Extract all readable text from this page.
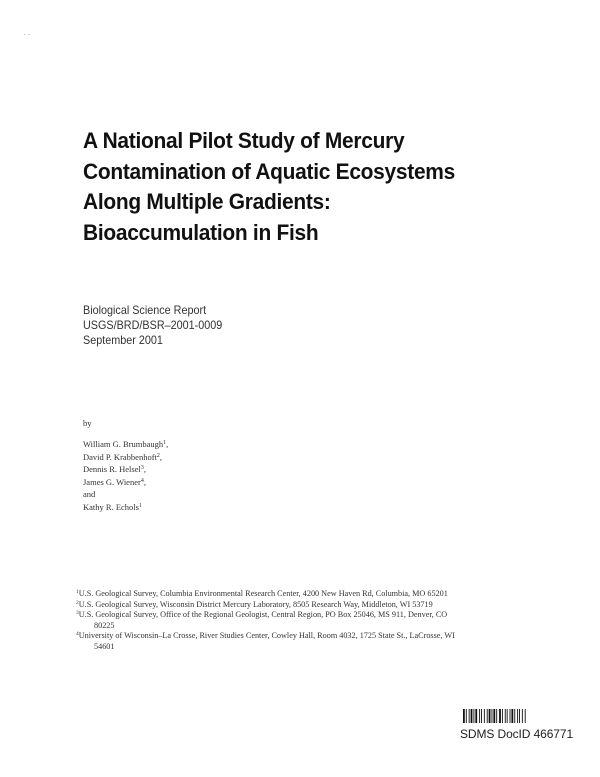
. .
A National Pilot Study of Mercury
Contamination of Aquatic Ecosystems
Along Multiple Gradients:
Bioaccumulation in Fish
Biological Science Report
USGS/BRD/BSR–2001-0009
September 2001
by
William G. Brumbaugh$^1$,
David P. Krabbenhoft$^2$,
Dennis R. Helsel$^3$,
James G. Wiener$^4$,
and
Kathy R. Echols$^1$
$^1$U.S. Geological Survey, Columbia Environmental Research Center, 4200 New Haven Rd, Columbia, MO 65201
$^2$U.S. Geological Survey, Wisconsin District Mercury Laboratory, 8505 Research Way, Middleton, WI 53719
$^3$U.S. Geological Survey, Office of the Regional Geologist, Central Region, PO Box 25046, MS 911, Denver, CO
80225
$^4$University of Wisconsin–La Crosse, River Studies Center, Cowley Hall, Room 4032, 1725 State St., LaCrosse, WI
54601
SDMS DocID 466771
